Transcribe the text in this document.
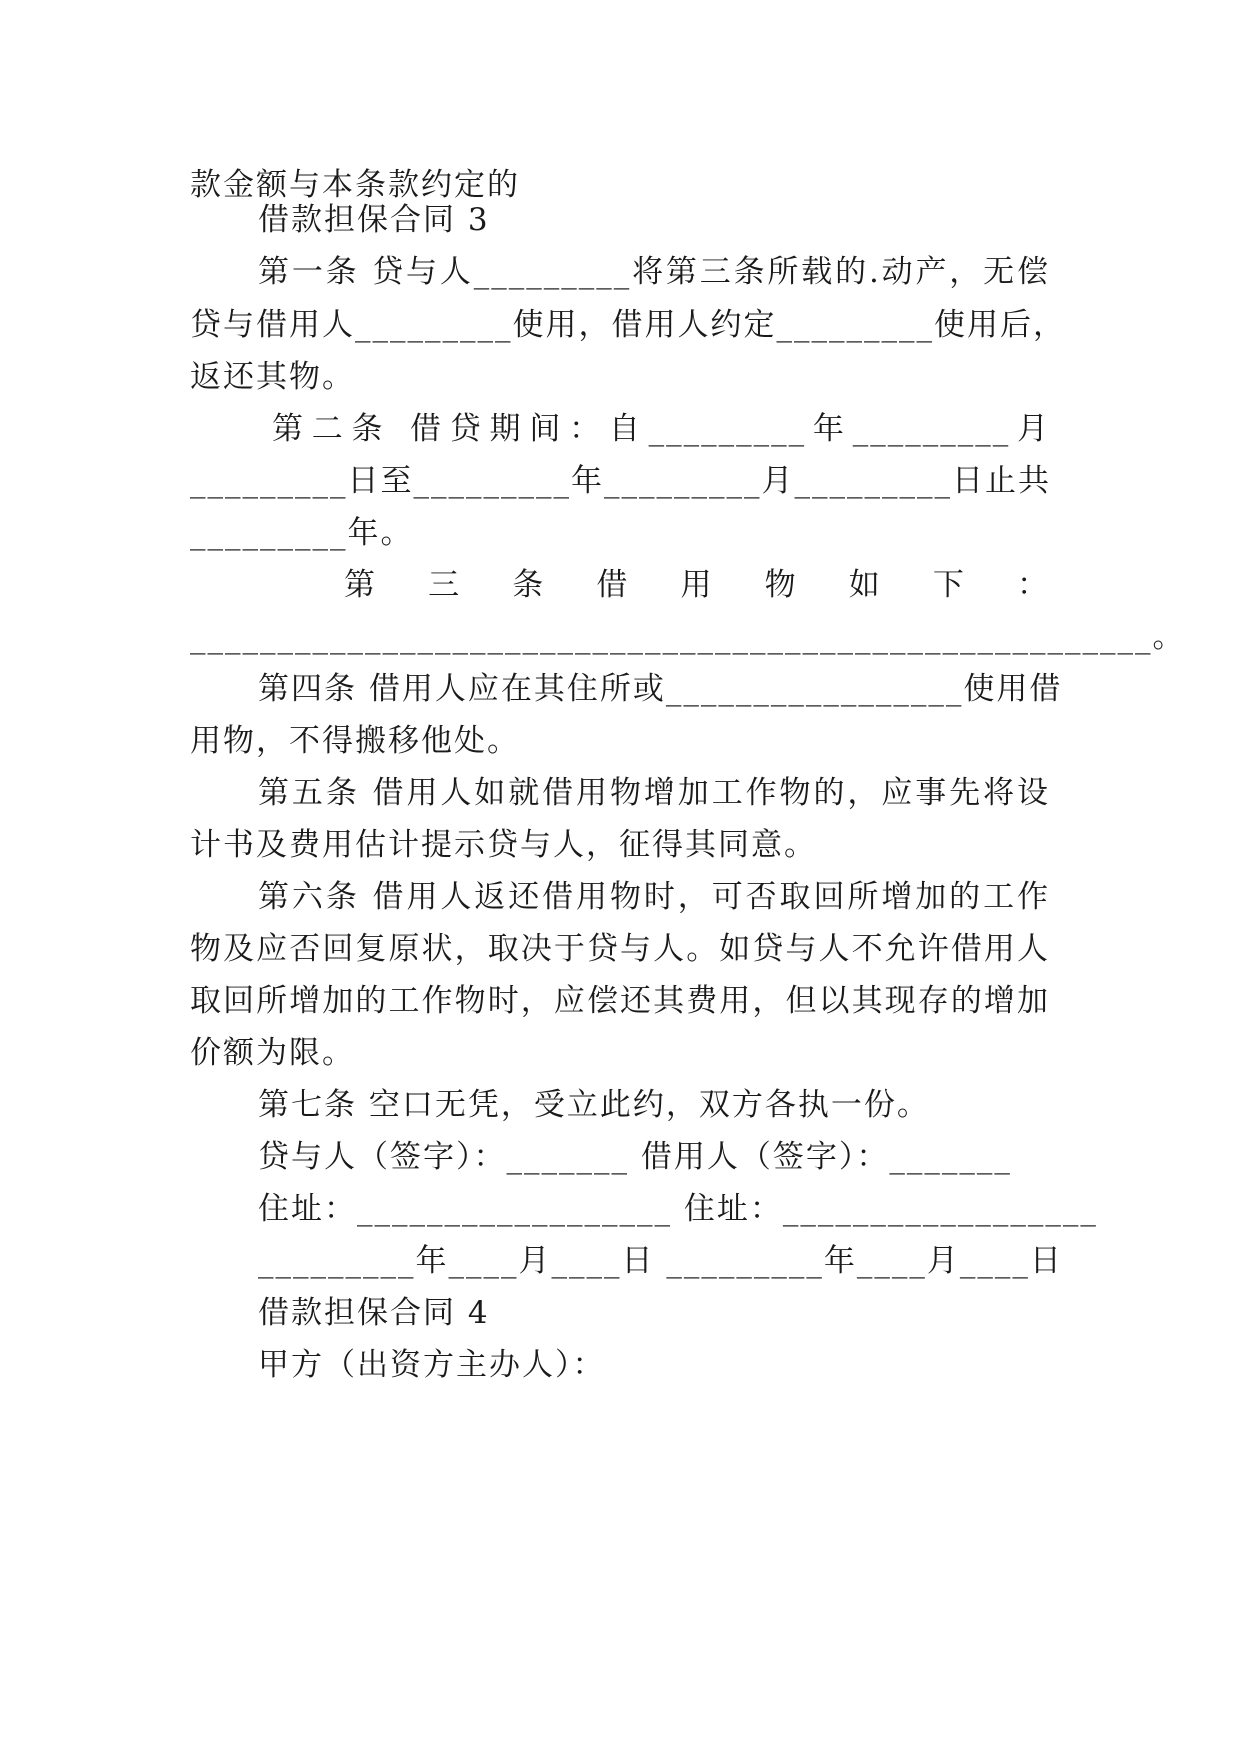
款金额与本条款约定的
借款担保合同 3
第一条 贷与人_________将第三条所载的.动产，无偿
贷与借用人_________使用，借用人约定_________使用后，
返还其物。
第二条 借贷期间：自_________年_________月
_________日至_________年_________月_________日止共
_________年。
第 三 条 借 用 物 如 下 ：
_______________________________________________________。
第四条 借用人应在其住所或_________________使用借
用物，不得搬移他处。
第五条 借用人如就借用物增加工作物的，应事先将设
计书及费用估计提示贷与人，征得其同意。
第六条 借用人返还借用物时，可否取回所增加的工作
物及应否回复原状，取决于贷与人。如贷与人不允许借用人
取回所增加的工作物时，应偿还其费用，但以其现存的增加
价额为限。
第七条 空口无凭，受立此约，双方各执一份。
贷与人（签字）：_______ 借用人（签字）：_______
住址：__________________ 住址：__________________
_________年____月____日 _________年____月____日
借款担保合同 4
甲方（出资方主办人）：
